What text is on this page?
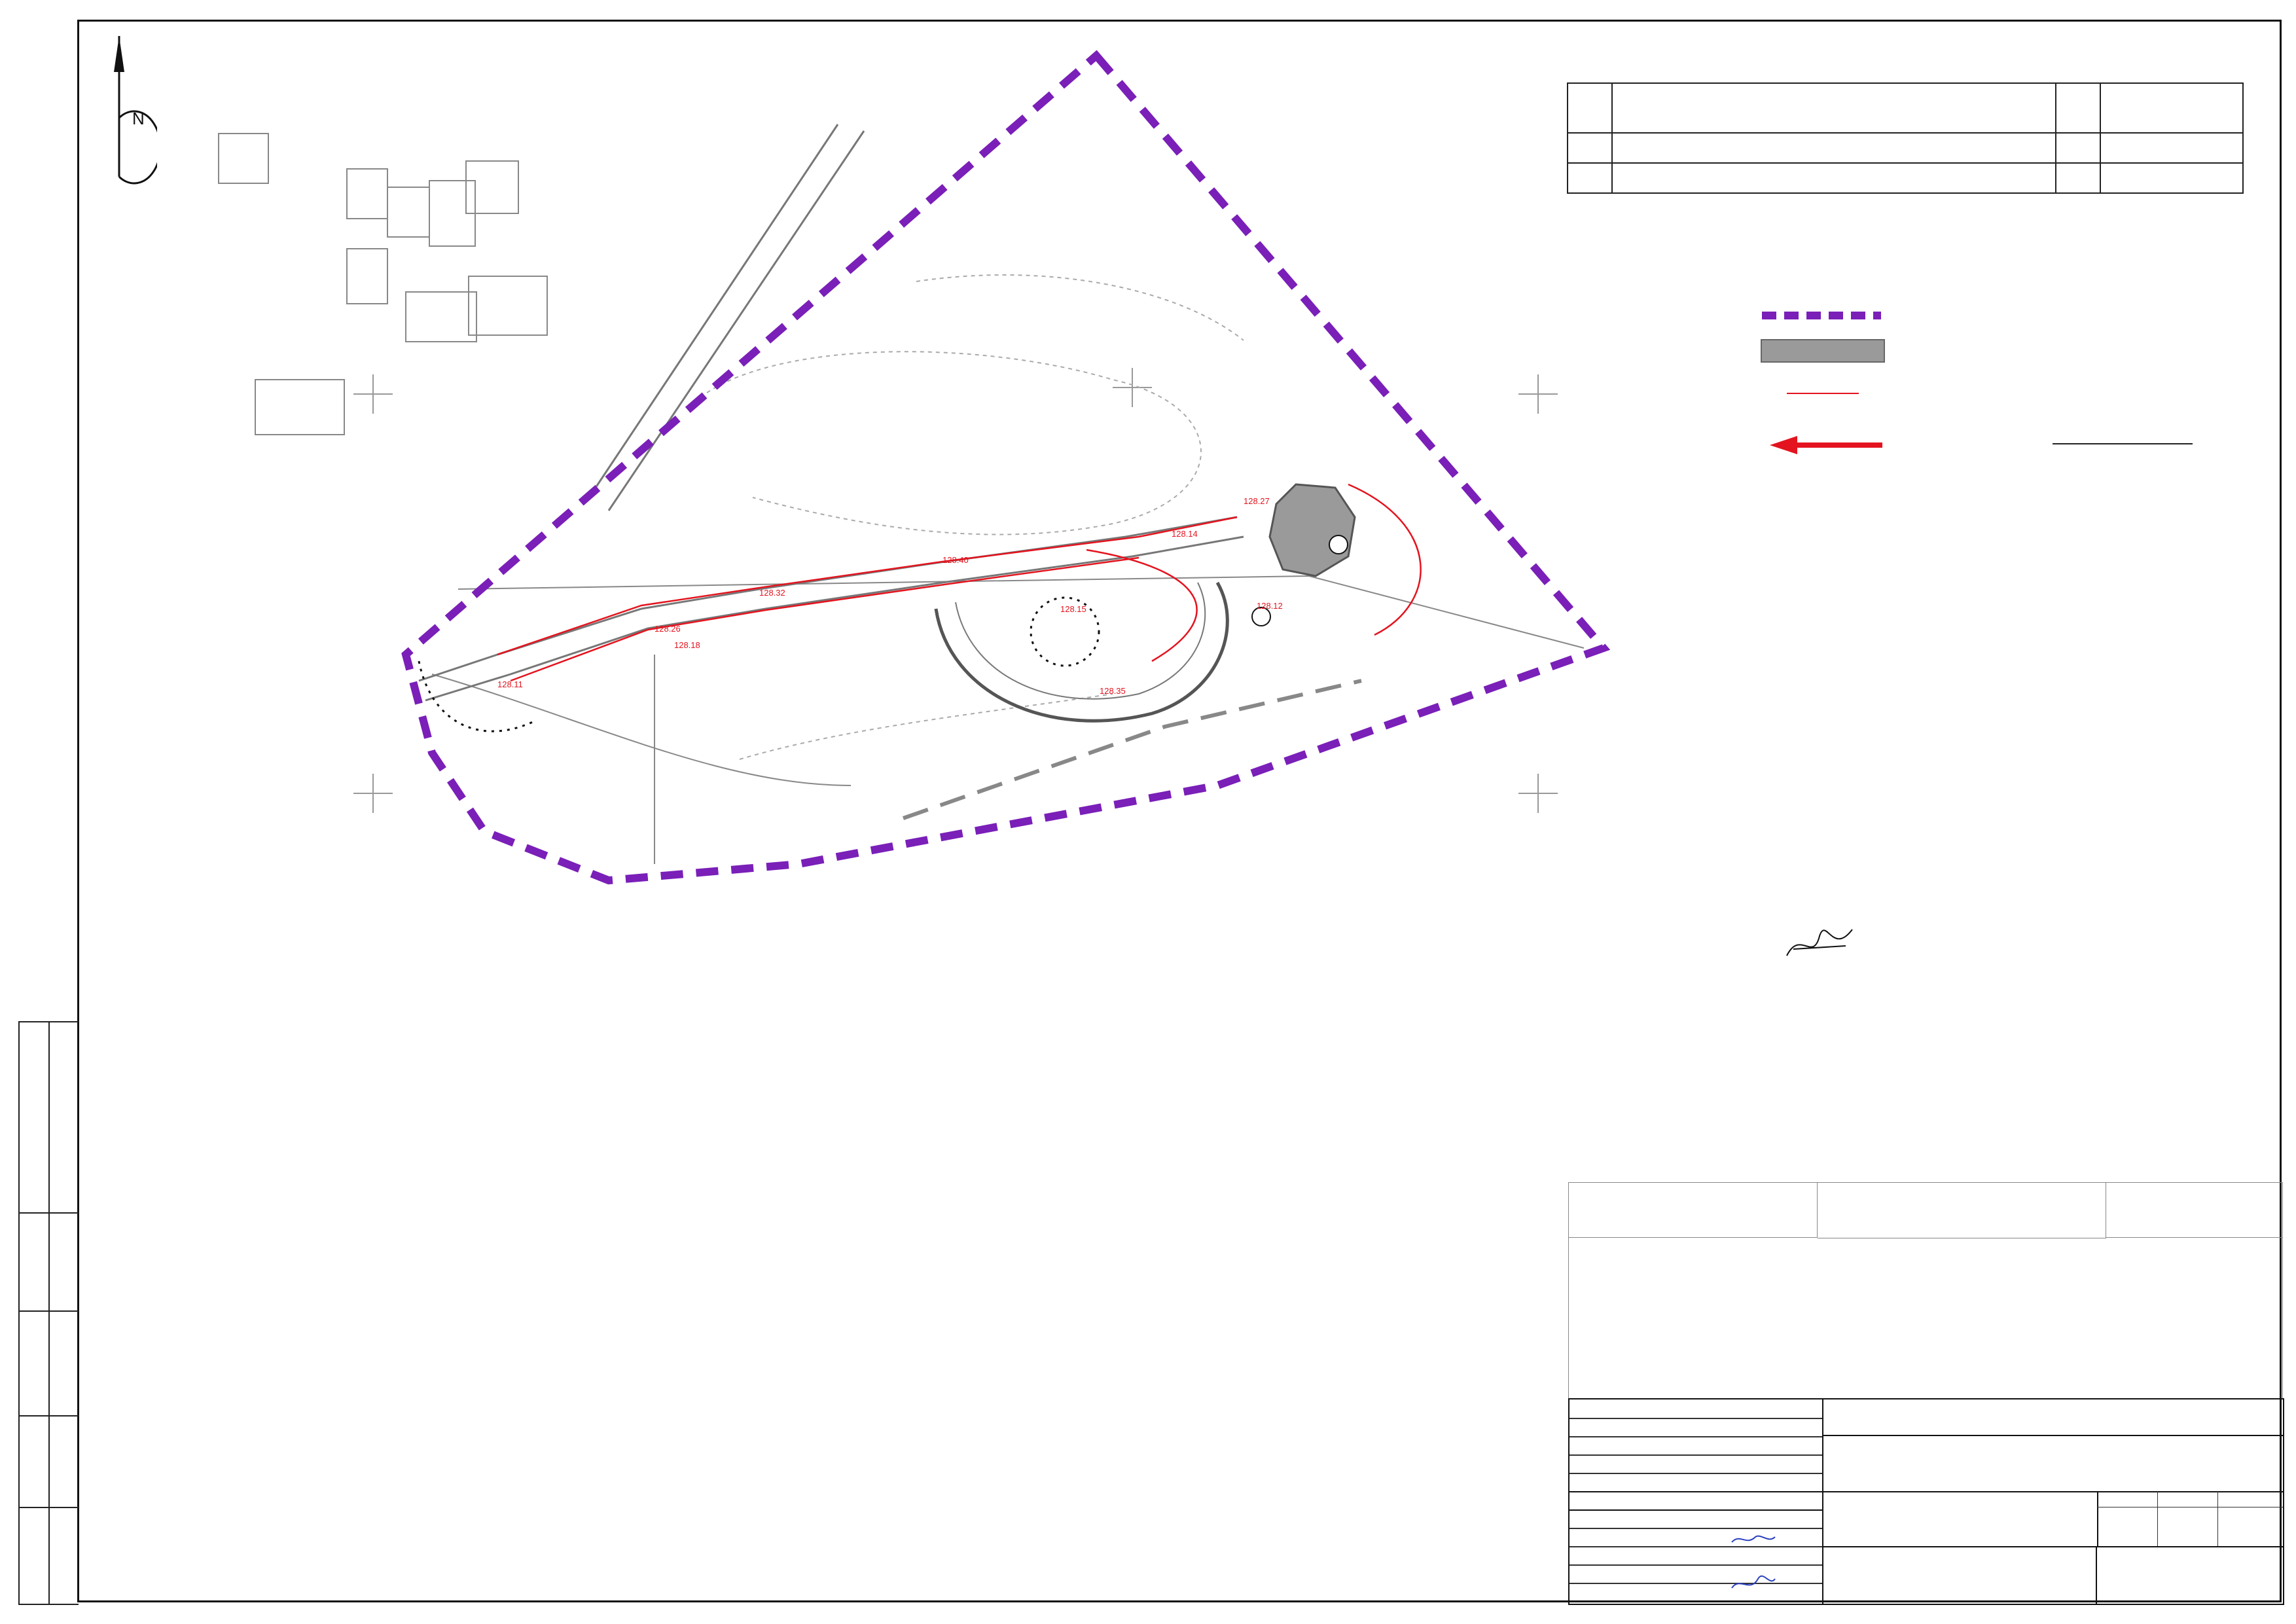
N
128.26
128.18
128.32
128.40
128.15
128.35
128.12
128.14
128.27
128.11
